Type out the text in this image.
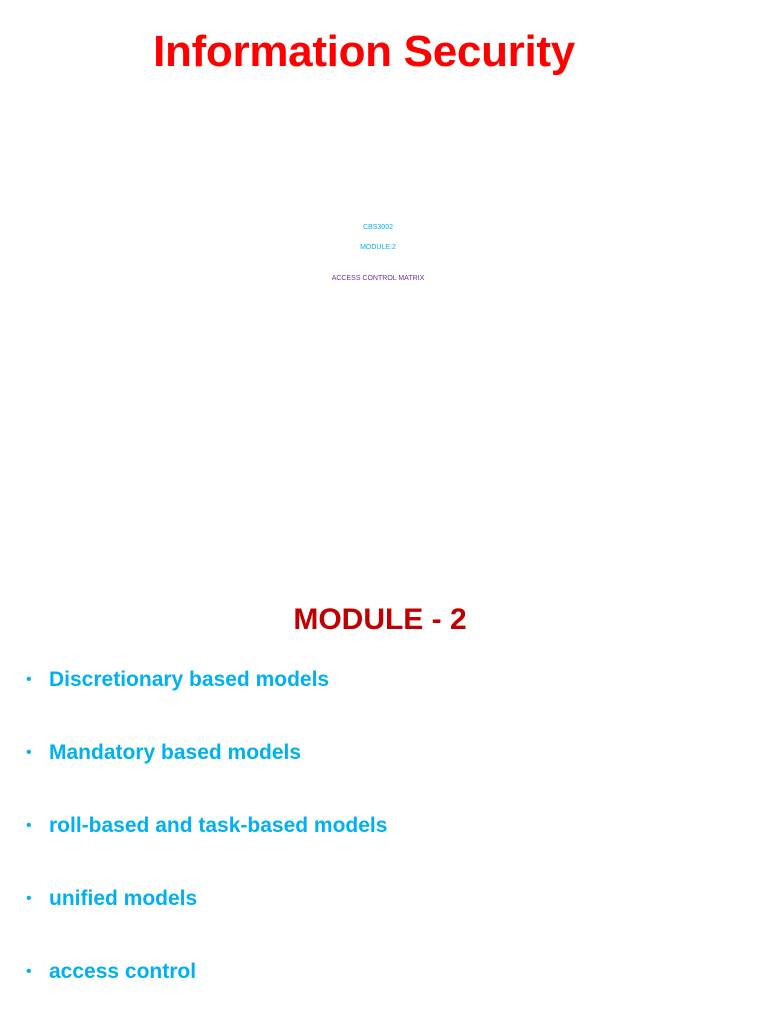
Information Security
CBS3002
MODULE:2
ACCESS CONTROL MATRIX
MODULE - 2
• Discretionary based models
• Mandatory based models
• roll-based and task-based models
• unified models
• access control
